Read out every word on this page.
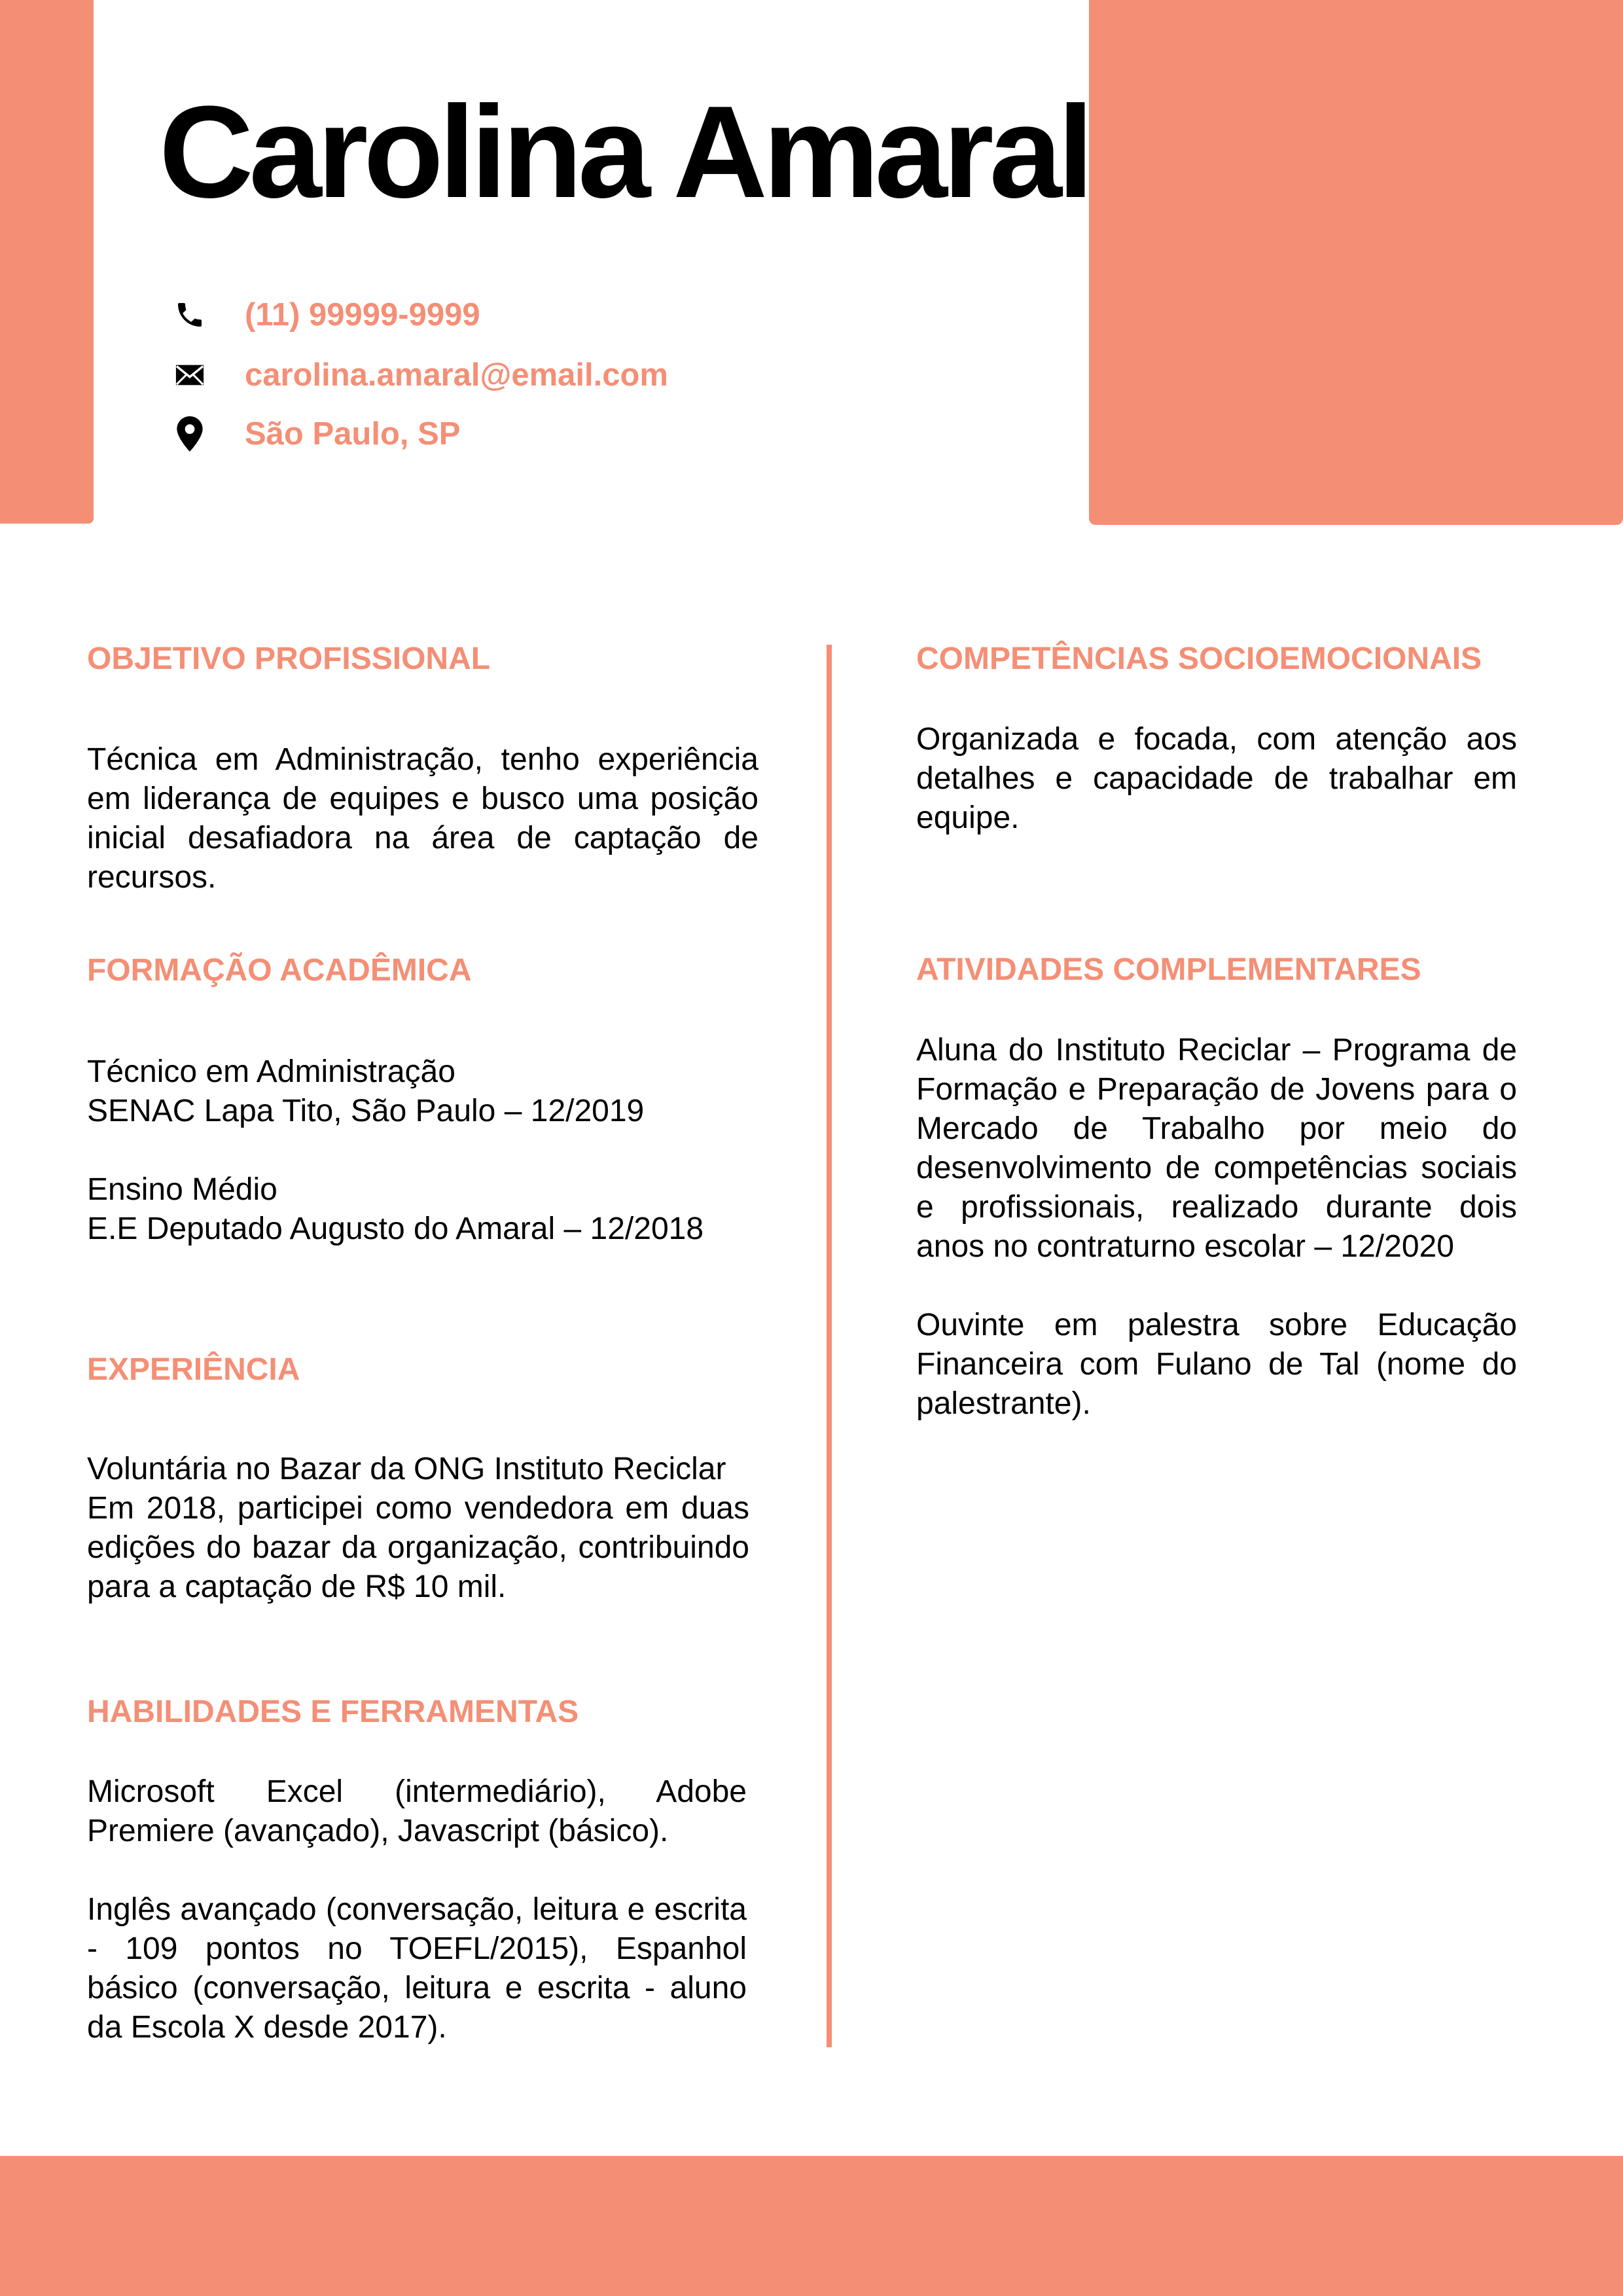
Carolina Amaral
(11) 99999-9999
carolina.amaral@email.com
São Paulo, SP
OBJETIVO PROFISSIONAL

Técnica em Administração, tenho experiência em liderança de equipes e busco uma posição inicial desafiadora na área de captação de recursos.

FORMAÇÃO ACADÊMICA

Técnico em Administração

SENAC Lapa Tito, São Paulo – 12/2019

Ensino Médio

E.E Deputado Augusto do Amaral – 12/2018

EXPERIÊNCIA

Voluntária no Bazar da ONG Instituto Reciclar

Em 2018, participei como vendedora em duas edições do bazar da organização, contribuindo para a captação de R$ 10 mil.

HABILIDADES E FERRAMENTAS

Microsoft Excel (intermediário), Adobe Premiere (avançado), Javascript (básico).

Inglês avançado (conversação, leitura e escrita - 109 pontos no TOEFL/2015), Espanhol básico (conversação, leitura e escrita - aluno da Escola X desde 2017).

COMPETÊNCIAS SOCIOEMOCIONAIS

Organizada e focada, com atenção aos detalhes e capacidade de trabalhar em equipe.

ATIVIDADES COMPLEMENTARES

Aluna do Instituto Reciclar – Programa de Formação e Preparação de Jovens para o Mercado de Trabalho por meio do desenvolvimento de competências sociais e profissionais, realizado durante dois anos no contraturno escolar – 12/2020

Ouvinte em palestra sobre Educação Financeira com Fulano de Tal (nome do palestrante).
